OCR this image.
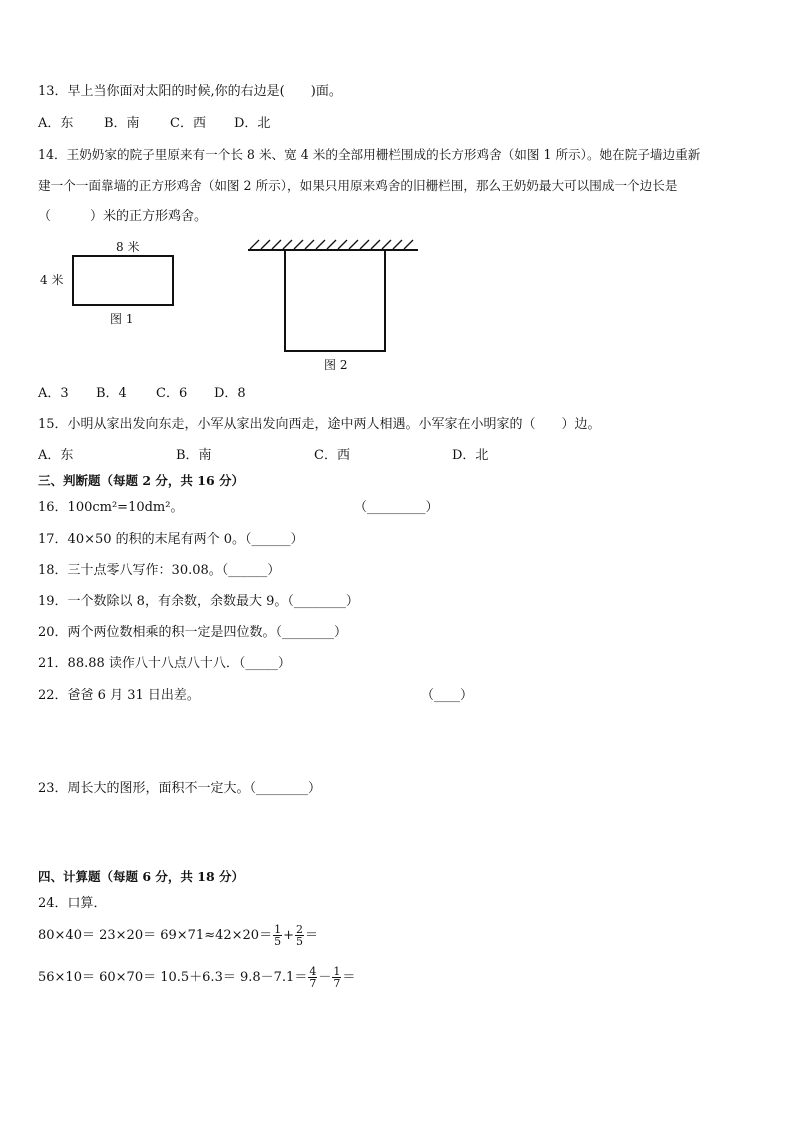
13．早上当你面对太阳的时候,你的右边是(　　)面。
A．东 B．南 C．西 D．北
14．王奶奶家的院子里原来有一个长 8 米、宽 4 米的全部用栅栏围成的长方形鸡舍（如图 1 所示）。她在院子墙边重新
建一个一面靠墙的正方形鸡舍（如图 2 所示），如果只用原来鸡舍的旧栅栏围，那么王奶奶最大可以围成一个边长是
（　　　）米的正方形鸡舍。
8 米
4 米
图 1
图 2
A．3 B．4 C．6 D．8
15．小明从家出发向东走，小军从家出发向西走，途中两人相遇。小军家在小明家的（　　）边。
A．东	B．南	C．西	D．北
三、判断题（每题 2 分，共 16 分）
16．100cm²=10dm²。	（_________）
17．40×50 的积的末尾有两个 0。（______）
18．三十点零八写作：30.08。（______）
19．一个数除以 8，有余数，余数最大 9。（________）
20．两个两位数相乘的积一定是四位数。（________）
21．88.88 读作八十八点八十八．（_____）
22．爸爸 6 月 31 日出差。	（____）
23．周长大的图形，面积不一定大。（________）
四、计算题（每题 6 分，共 18 分）
24．口算．
$80\times 40= 23\times 20= 69\times 71\approx 42\times 20= \frac{1}{5} + \frac{2}{5}$ ＝
$56\times 10= 60\times 70= 10.5+6.3= 9.8-7.1= \frac{4}{7} - \frac{1}{7}$ ＝
